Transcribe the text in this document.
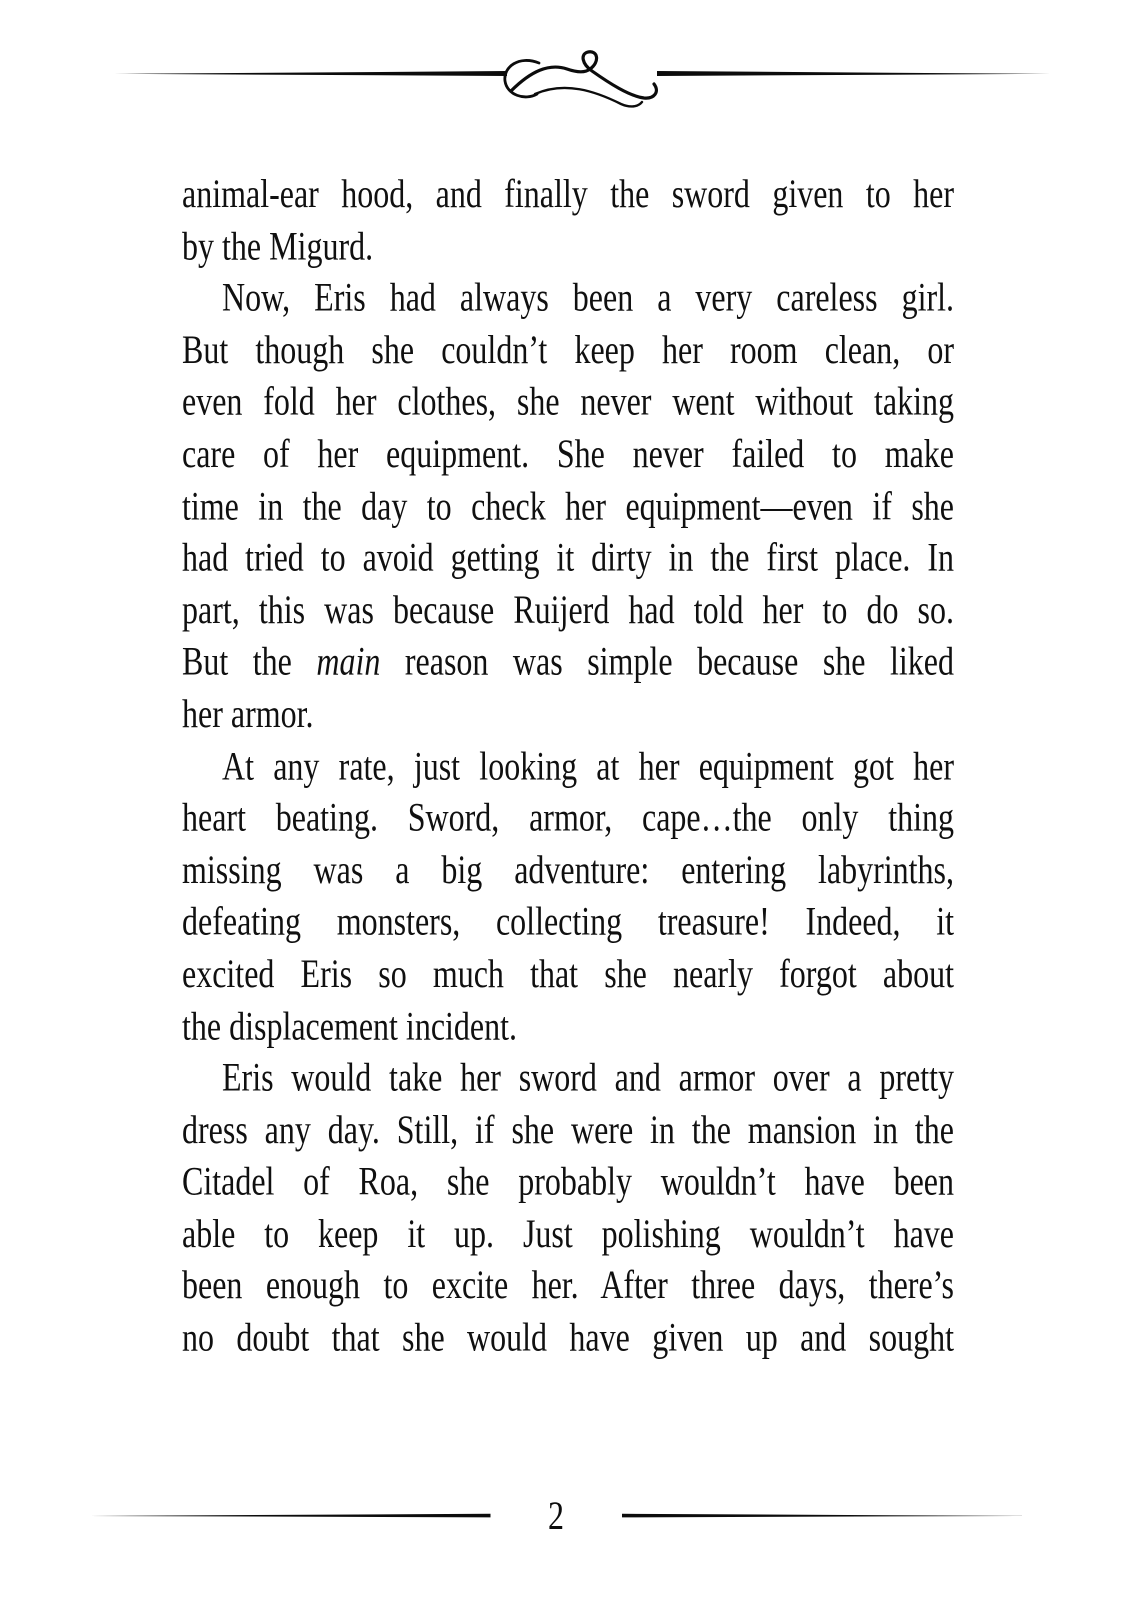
animal-ear hood, and finally the sword given to her
by the Migurd.
Now, Eris had always been a very careless girl.
But though she couldn’t keep her room clean, or
even fold her clothes, she never went without taking
care of her equipment. She never failed to make
time in the day to check her equipment—even if she
had tried to avoid getting it dirty in the first place. In
part, this was because Ruijerd had told her to do so.
But the main reason was simple because she liked
her armor.
At any rate, just looking at her equipment got her
heart beating. Sword, armor, cape…the only thing
missing was a big adventure: entering labyrinths,
defeating monsters, collecting treasure! Indeed, it
excited Eris so much that she nearly forgot about
the displacement incident.
Eris would take her sword and armor over a pretty
dress any day. Still, if she were in the mansion in the
Citadel of Roa, she probably wouldn’t have been
able to keep it up. Just polishing wouldn’t have
been enough to excite her. After three days, there’s
no doubt that she would have given up and sought
2
